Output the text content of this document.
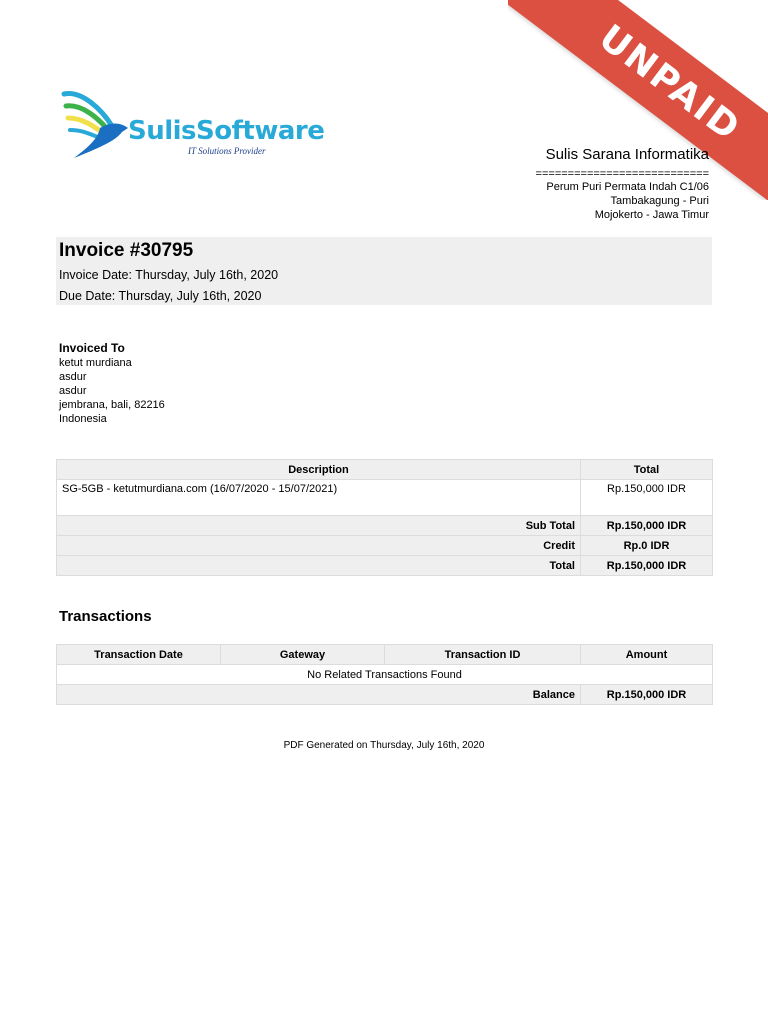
UNPAID
SulisSoftware
IT Solutions Provider	Sulis Sarana Informatika
===========================
Perum Puri Permata Indah C1/06
Tambakagung - Puri
Mojokerto - Jawa Timur
Invoice #30795
Invoice Date: Thursday, July 16th, 2020
Due Date: Thursday, July 16th, 2020
Invoiced To
ketut murdiana
asdur
asdur
jembrana, bali, 82216
Indonesia
Description	Total
SG-5GB - ketutmurdiana.com (16/07/2020 - 15/07/2021)	Rp.150,000 IDR
Sub Total	Rp.150,000 IDR
Credit	Rp.0 IDR
Total	Rp.150,000 IDR
Transactions
Transaction Date	Gateway	Transaction ID	Amount
No Related Transactions Found			
Balance			Rp.150,000 IDR
PDF Generated on Thursday, July 16th, 2020
